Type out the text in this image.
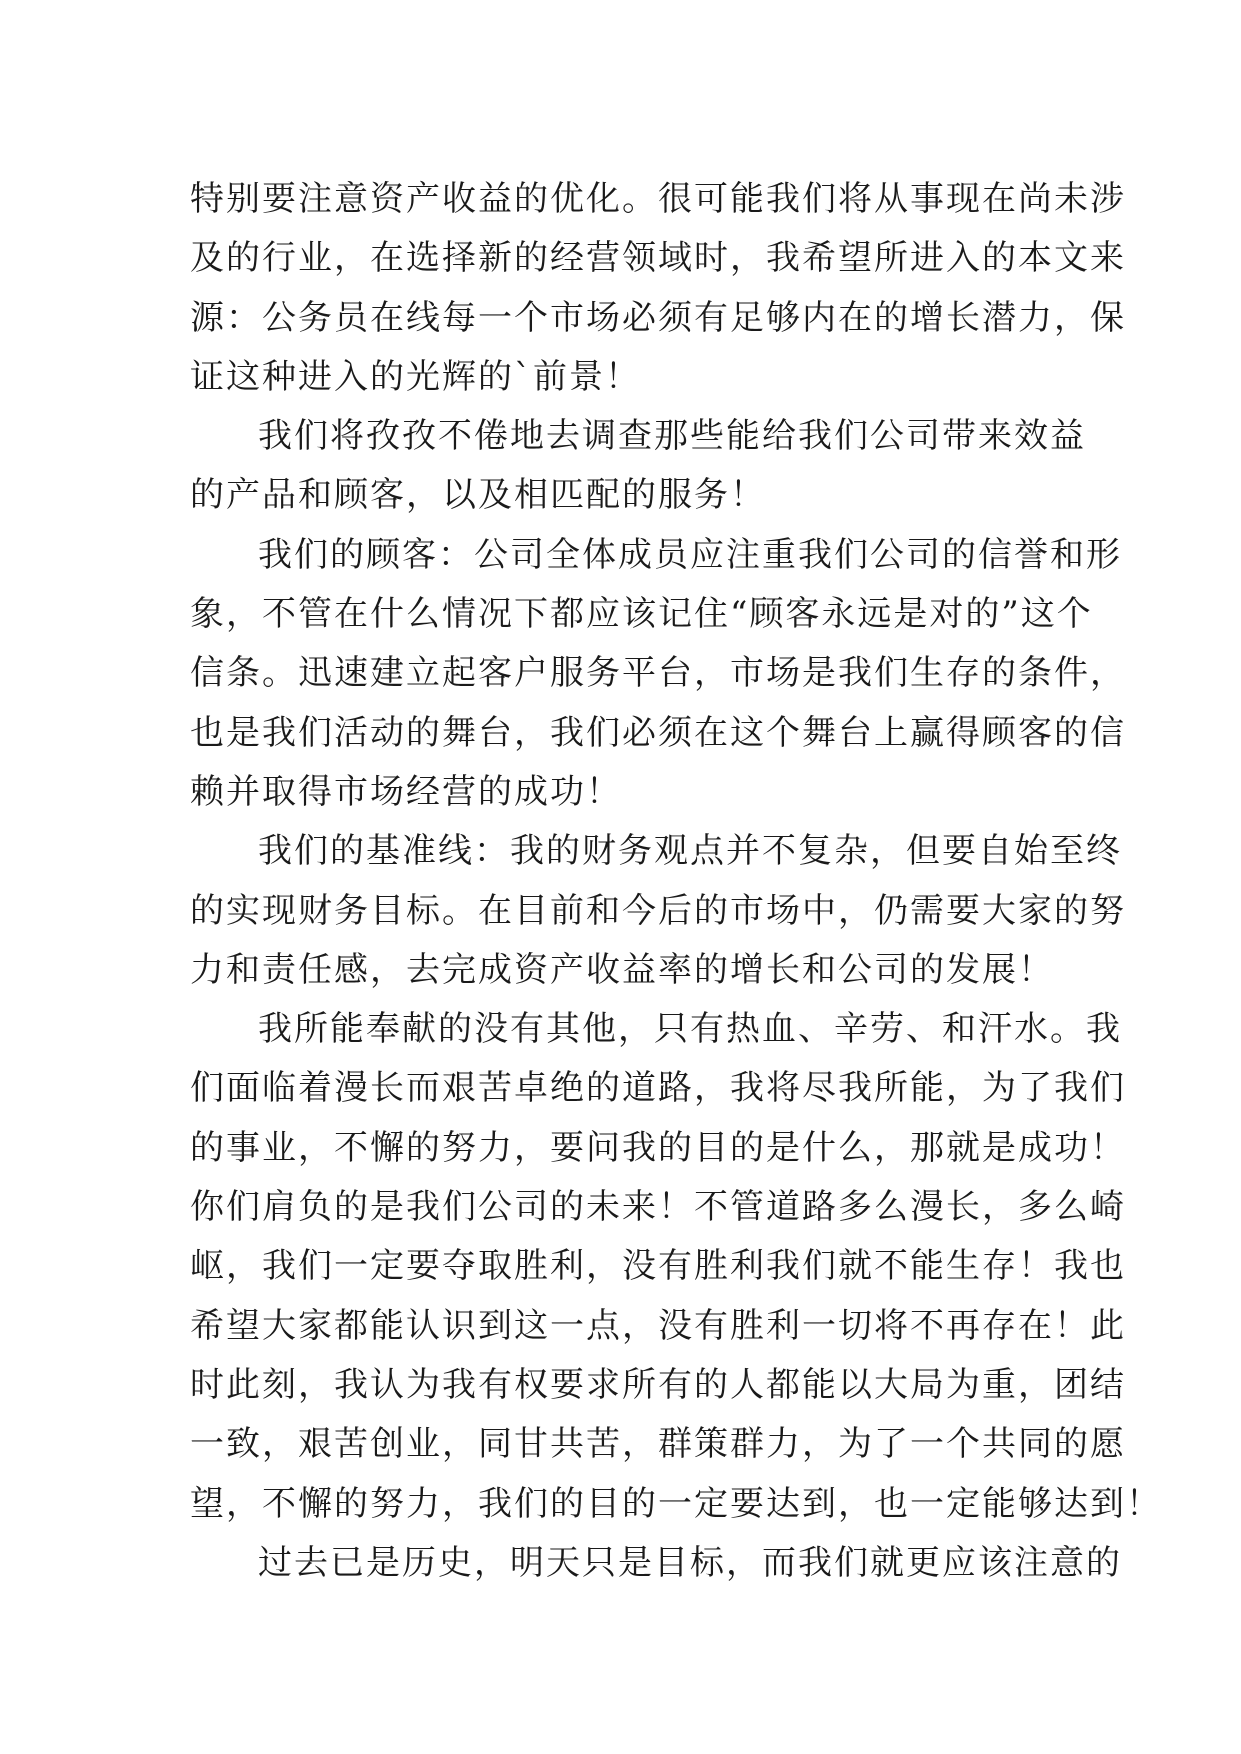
特别要注意资产收益的优化。很可能我们将从事现在尚未涉
及的行业，在选择新的经营领域时，我希望所进入的本文来
源：公务员在线每一个市场必须有足够内在的增长潜力，保
证这种进入的光辉的`前景！
我们将孜孜不倦地去调查那些能给我们公司带来效益
的产品和顾客，以及相匹配的服务！
我们的顾客：公司全体成员应注重我们公司的信誉和形
象，不管在什么情况下都应该记住“顾客永远是对的”这个
信条。迅速建立起客户服务平台，市场是我们生存的条件，
也是我们活动的舞台，我们必须在这个舞台上赢得顾客的信
赖并取得市场经营的成功！
我们的基准线：我的财务观点并不复杂，但要自始至终
的实现财务目标。在目前和今后的市场中，仍需要大家的努
力和责任感，去完成资产收益率的增长和公司的发展！
我所能奉献的没有其他，只有热血、辛劳、和汗水。我
们面临着漫长而艰苦卓绝的道路，我将尽我所能，为了我们
的事业，不懈的努力，要问我的目的是什么，那就是成功！
你们肩负的是我们公司的未来！不管道路多么漫长，多么崎
岖，我们一定要夺取胜利，没有胜利我们就不能生存！我也
希望大家都能认识到这一点，没有胜利一切将不再存在！此
时此刻，我认为我有权要求所有的人都能以大局为重，团结
一致，艰苦创业，同甘共苦，群策群力，为了一个共同的愿
望，不懈的努力，我们的目的一定要达到，也一定能够达到！
过去已是历史，明天只是目标，而我们就更应该注意的
